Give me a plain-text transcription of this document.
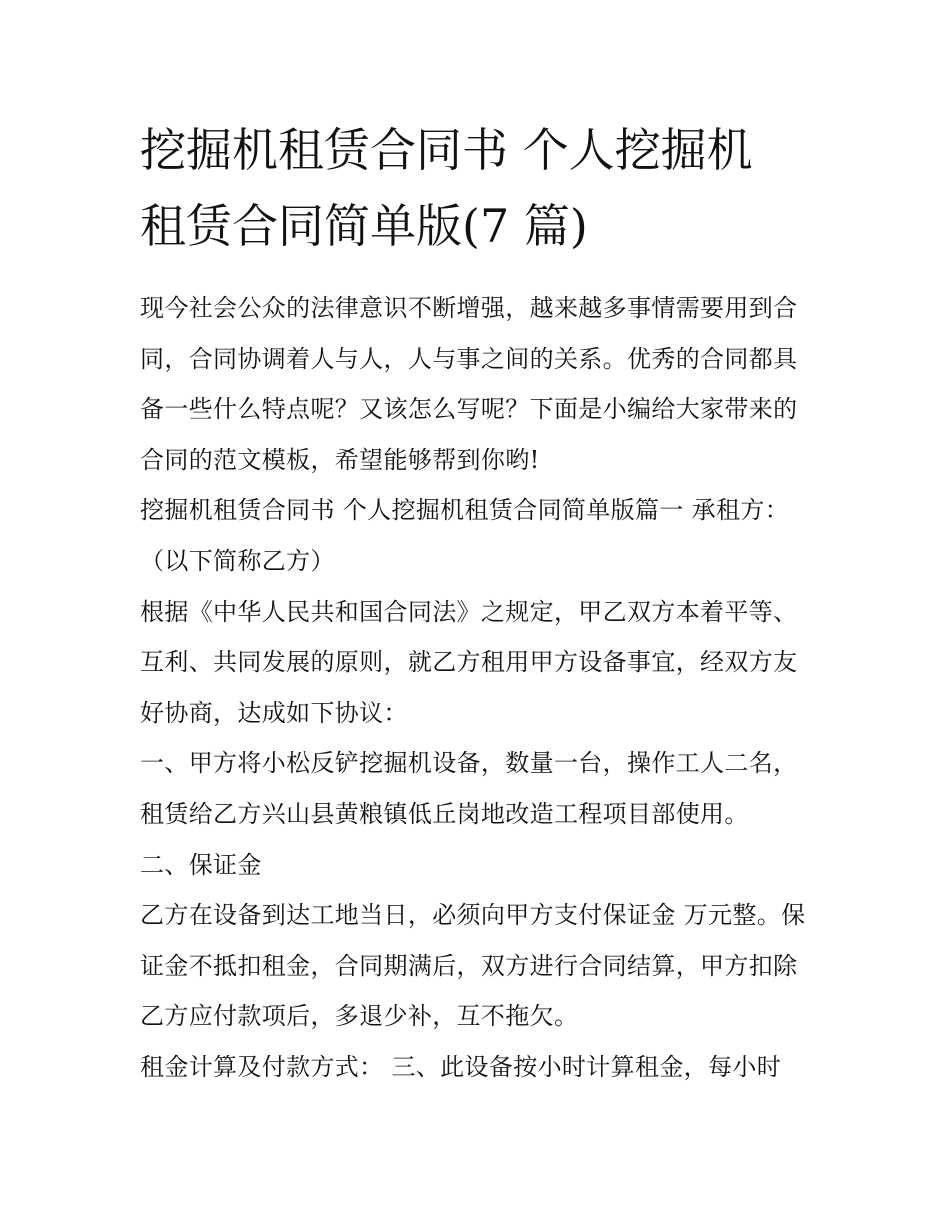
挖掘机租赁合同书 个人挖掘机
租赁合同简单版(7 篇)

现今社会公众的法律意识不断增强，越来越多事情需要用到合同，合同协调着人与人，人与事之间的关系。优秀的合同都具备一些什么特点呢？又该怎么写呢？下面是小编给大家带来的合同的范文模板，希望能够帮到你哟!

挖掘机租赁合同书 个人挖掘机租赁合同简单版篇一 承租方：

（以下简称乙方）

根据《中华人民共和国合同法》之规定，甲乙双方本着平等、互利、共同发展的原则，就乙方租用甲方设备事宜，经双方友好协商，达成如下协议：

一、甲方将小松反铲挖掘机设备，数量一台，操作工人二名，租赁给乙方兴山县黄粮镇低丘岗地改造工程项目部使用。

二、保证金

乙方在设备到达工地当日，必须向甲方支付保证金 万元整。保证金不抵扣租金，合同期满后，双方进行合同结算，甲方扣除乙方应付款项后，多退少补，互不拖欠。

租金计算及付款方式： 三、此设备按小时计算租金，每小时
